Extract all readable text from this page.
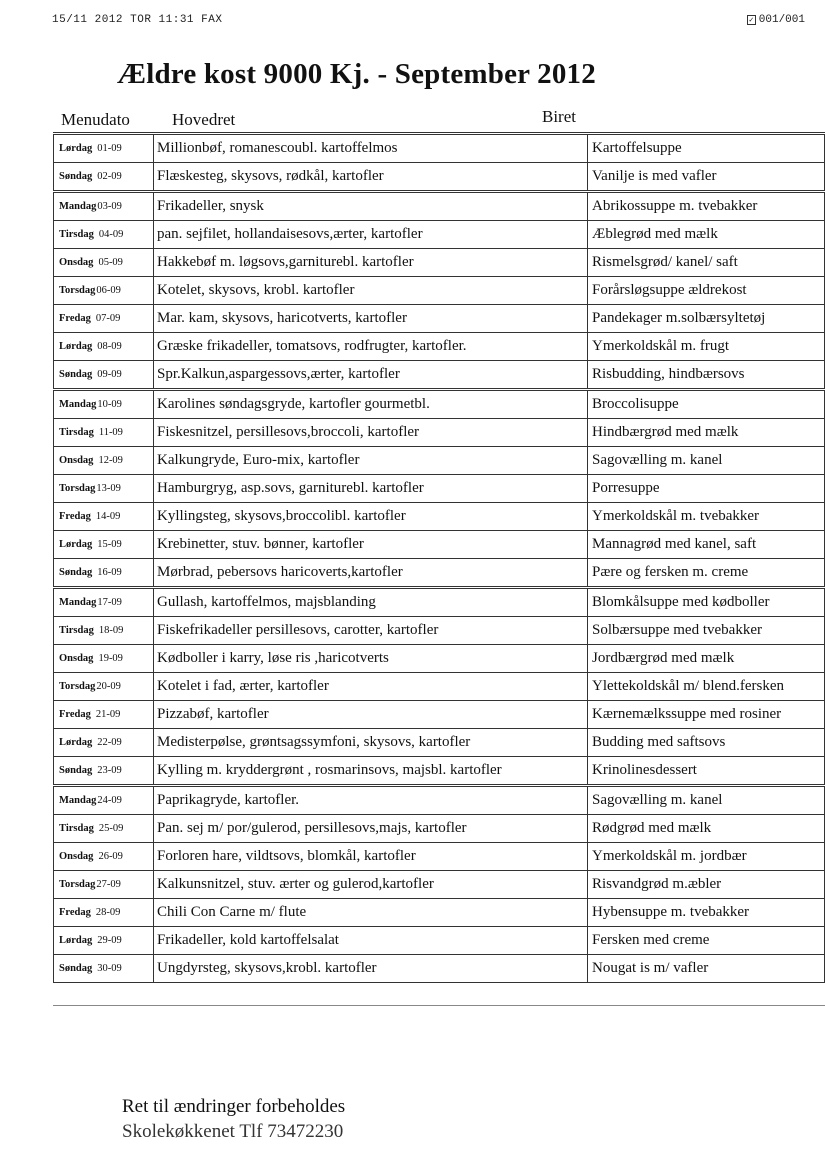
15/11 2012 TOR 11:31 FAX	✓ 001/001
Ældre kost 9000 Kj. - September 2012
Menudato Hovedret	Biret
Lørdag 01-09	Millionbøf, romanescoubl. kartoffelmos	Kartoffelsuppe
Søndag 02-09	Flæskesteg, skysovs, rødkål, kartofler	Vanilje is med vafler
Mandag03-09	Frikadeller, snysk	Abrikossuppe m. tvebakker
Tirsdag 04-09	pan. sejfilet, hollandaisesovs,ærter, kartofler	Æblegrød med mælk
Onsdag 05-09	Hakkebøf m. løgsovs,garniturebl. kartofler	Rismelsgrød/ kanel/ saft
Torsdag06-09	Kotelet, skysovs, krobl. kartofler	Forårsløgsuppe ældrekost
Fredag 07-09	Mar. kam, skysovs, haricotverts, kartofler	Pandekager m.solbærsyltetøj
Lørdag 08-09	Græske frikadeller, tomatsovs, rodfrugter, kartofler.	Ymerkoldskål m. frugt
Søndag 09-09	Spr.Kalkun,aspargessovs,ærter, kartofler	Risbudding, hindbærsovs
Mandag10-09	Karolines søndagsgryde, kartofler gourmetbl.	Broccolisuppe
Tirsdag 11-09	Fiskesnitzel, persillesovs,broccoli, kartofler	Hindbærgrød med mælk
Onsdag 12-09	Kalkungryde, Euro-mix, kartofler	Sagovælling m. kanel
Torsdag13-09	Hamburgryg, asp.sovs, garniturebl. kartofler	Porresuppe
Fredag 14-09	Kyllingsteg, skysovs,broccolibl. kartofler	Ymerkoldskål m. tvebakker
Lørdag 15-09	Krebinetter, stuv. bønner, kartofler	Mannagrød med kanel, saft
Søndag 16-09	Mørbrad, pebersovs haricoverts,kartofler	Pære og fersken m. creme
Mandag17-09	Gullash, kartoffelmos, majsblanding	Blomkålsuppe med kødboller
Tirsdag 18-09	Fiskefrikadeller persillesovs, carotter, kartofler	Solbærsuppe med tvebakker
Onsdag 19-09	Kødboller i karry, løse ris ,haricotverts	Jordbærgrød med mælk
Torsdag20-09	Kotelet i fad, ærter, kartofler	Ylettekoldskål m/ blend.fersken
Fredag 21-09	Pizzabøf, kartofler	Kærnemælkssuppe med rosiner
Lørdag 22-09	Medisterpølse, grøntsagssymfoni, skysovs, kartofler	Budding med saftsovs
Søndag 23-09	Kylling m. kryddergrønt , rosmarinsovs, majsbl. kartofler	Krinolinesdessert
Mandag24-09	Paprikagryde, kartofler.	Sagovælling m. kanel
Tirsdag 25-09	Pan. sej m/ por/gulerod, persillesovs,majs, kartofler	Rødgrød med mælk
Onsdag 26-09	Forloren hare, vildtsovs, blomkål, kartofler	Ymerkoldskål m. jordbær
Torsdag27-09	Kalkunsnitzel, stuv. ærter og gulerod,kartofler	Risvandgrød m.æbler
Fredag 28-09	Chili Con Carne m/ flute	Hybensuppe m. tvebakker
Lørdag 29-09	Frikadeller, kold kartoffelsalat	Fersken med creme
Søndag 30-09	Ungdyrsteg, skysovs,krobl. kartofler	Nougat is m/ vafler
Ret til ændringer forbeholdes
Skolekøkkenet Tlf 73472230
